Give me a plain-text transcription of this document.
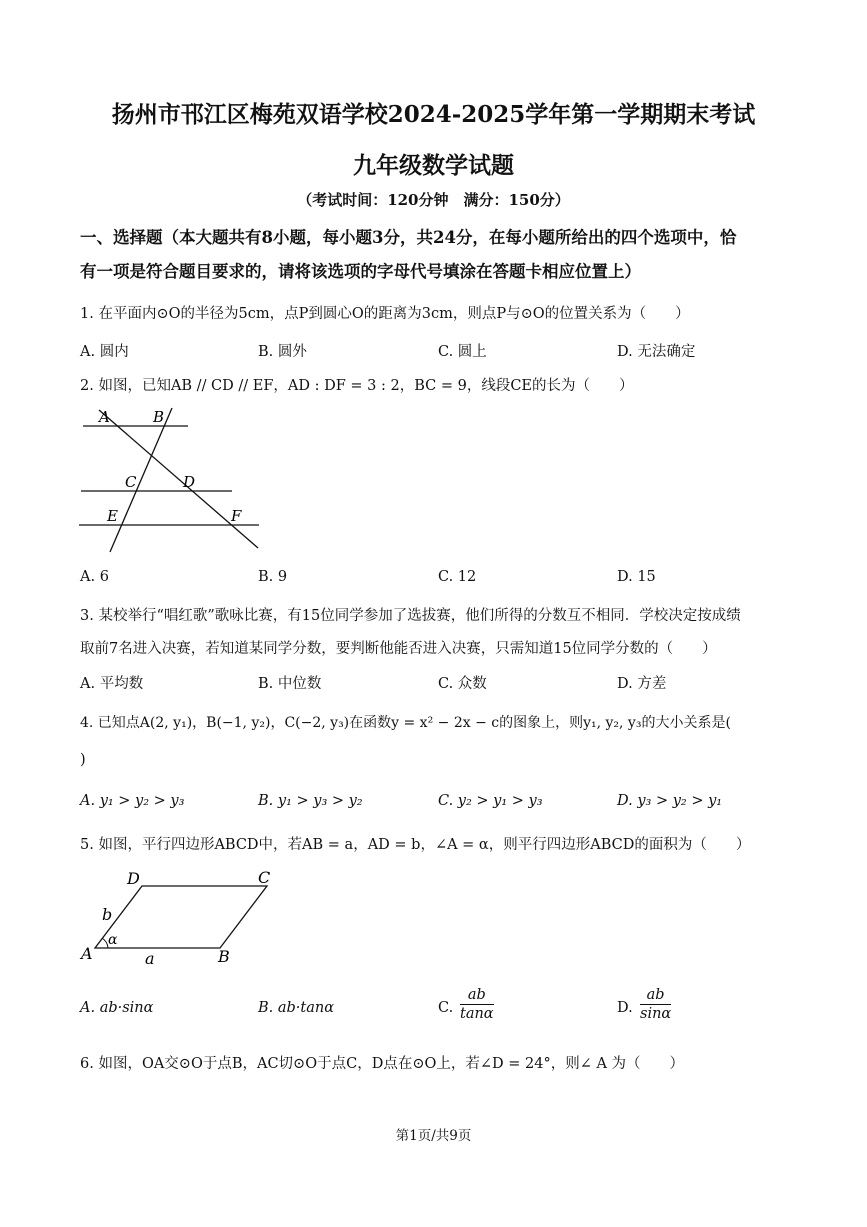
扬州市邗江区梅苑双语学校2024-2025学年第一学期期末考试
九年级数学试题
（考试时间：120分钟　满分：150分）
一、选择题（本大题共有8小题，每小题3分，共24分，在每小题所给出的四个选项中，恰
有一项是符合题目要求的，请将该选项的字母代号填涂在答题卡相应位置上）
1. 在平面内⊙O的半径为5cm，点P到圆心O的距离为3cm，则点P与⊙O的位置关系为（　　）
A. 圆内	B. 圆外	C. 圆上	D. 无法确定
2. 如图，已知AB // CD // EF，AD : DF = 3 : 2，BC = 9，线段CE的长为（　　）
A	B
C	D
E	F
A. 6	B. 9	C. 12	D. 15
3. 某校举行“唱红歌”歌咏比赛，有15位同学参加了选拔赛，他们所得的分数互不相同．学校决定按成绩
取前7名进入决赛，若知道某同学分数，要判断他能否进入决赛，只需知道15位同学分数的（　　）
A. 平均数	B. 中位数	C. 众数	D. 方差
4. 已知点A(2, y₁)，B(−1, y₂)，C(−2, y₃)在函数y = x² − 2x − c的图象上，则y₁, y₂, y₃的大小关系是(
)
A. y₁ > y₂ > y₃	B. y₁ > y₃ > y₂	C. y₂ > y₁ > y₃	D. y₃ > y₂ > y₁
5. 如图，平行四边形ABCD中，若AB = a，AD = b，∠A = α，则平行四边形ABCD的面积为（　　）
D	C
b
α
A	a	B
A. ab·sinα	B. ab·tanα	C. $\frac{ab}{\tan\alpha}$	D. $\frac{ab}{\sin\alpha}$
6. 如图，OA交⊙O于点B，AC切⊙O于点C，D点在⊙O上，若∠D = 24°，则∠ A 为（　　）
第1页/共9页
